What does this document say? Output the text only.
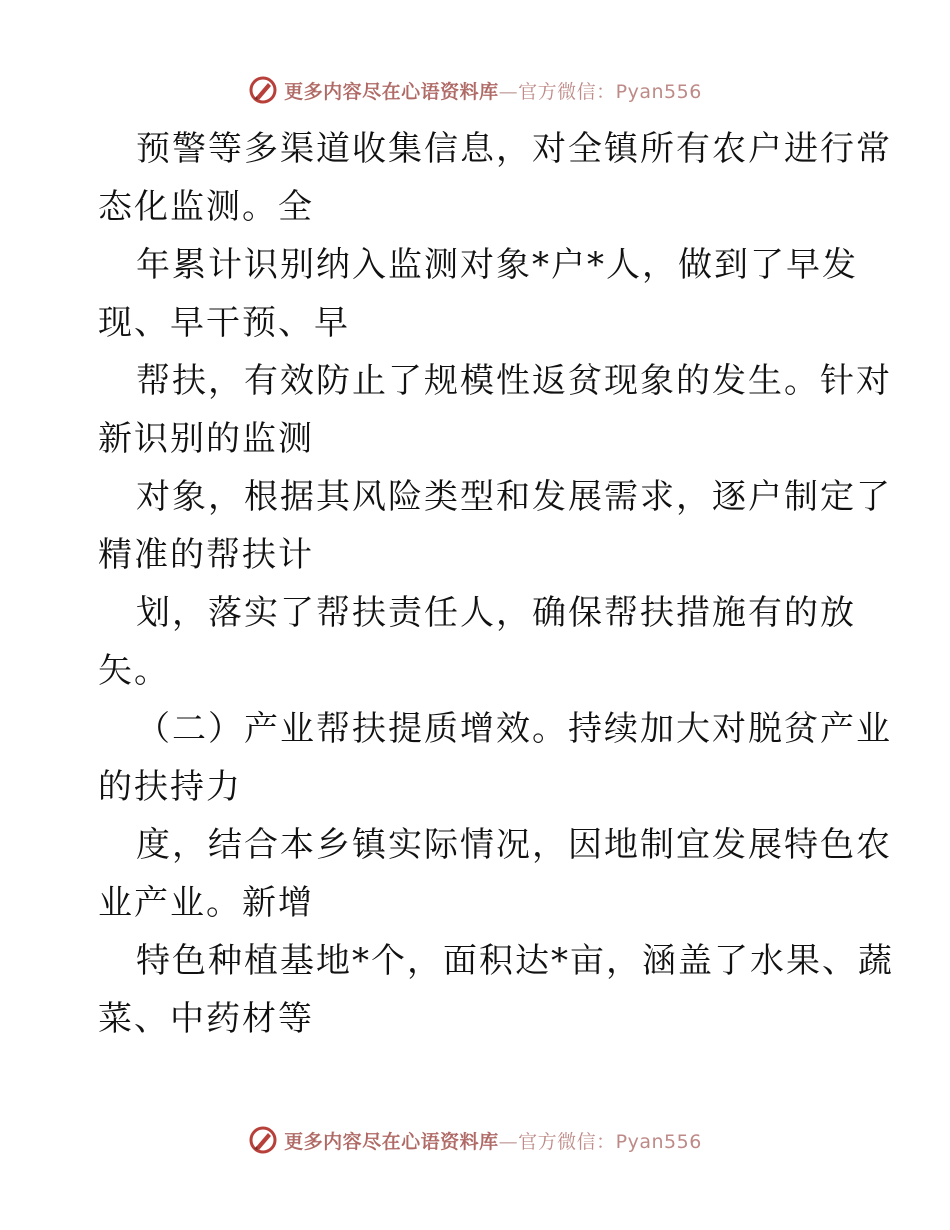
更多内容尽在心语资料库—官方微信：Pyan556

预警等多渠道收集信息，对全镇所有农户进行常

态化监测。全

年累计识别纳入监测对象*户*人，做到了早发

现、早干预、早

帮扶，有效防止了规模性返贫现象的发生。针对

新识别的监测

对象，根据其风险类型和发展需求，逐户制定了

精准的帮扶计

划，落实了帮扶责任人，确保帮扶措施有的放

矢。

（二）产业帮扶提质增效。持续加大对脱贫产业

的扶持力

度，结合本乡镇实际情况，因地制宜发展特色农

业产业。新增

特色种植基地*个，面积达*亩，涵盖了水果、蔬

菜、中药材等

更多内容尽在心语资料库—官方微信：Pyan556
